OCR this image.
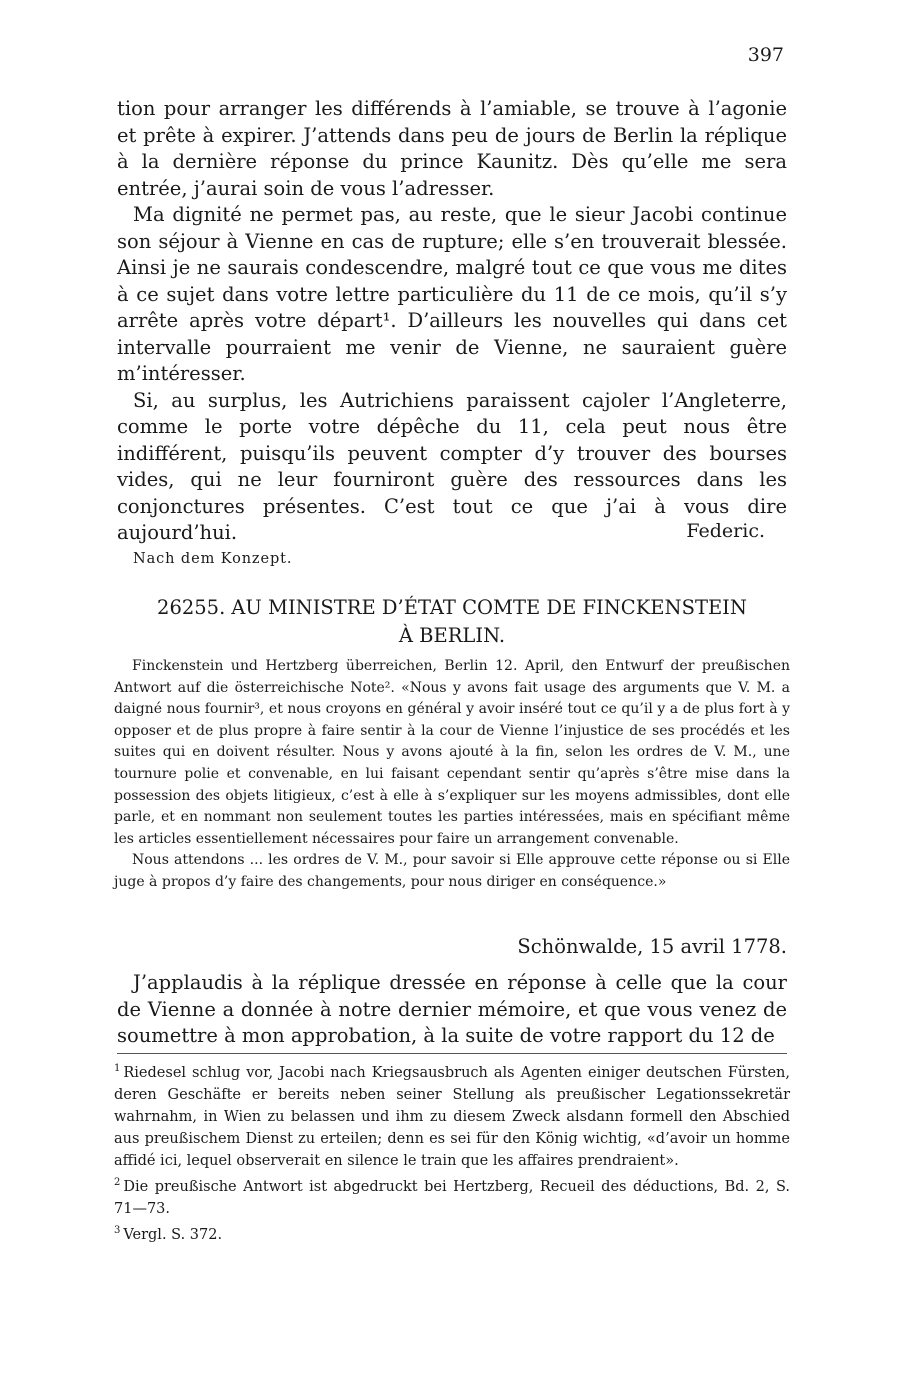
397

tion pour arranger les différends à l’amiable, se trouve à l’agonie et prête à expirer. J’attends dans peu de jours de Berlin la réplique à la dernière réponse du prince Kaunitz. Dès qu’elle me sera entrée, j’aurai soin de vous l’adresser.

Ma dignité ne permet pas, au reste, que le sieur Jacobi continue son séjour à Vienne en cas de rupture; elle s’en trouverait blessée. Ainsi je ne saurais condescendre, malgré tout ce que vous me dites à ce sujet dans votre lettre particulière du 11 de ce mois, qu’il s’y arrête après votre départ¹. D’ailleurs les nouvelles qui dans cet intervalle pourraient me venir de Vienne, ne sauraient guère m’intéresser.

Si, au surplus, les Autrichiens paraissent cajoler l’Angleterre, comme le porte votre dépêche du 11, cela peut nous être indifférent, puisqu’ils peuvent compter d’y trouver des bourses vides, qui ne leur fourniront guère des ressources dans les conjonctures présentes. C’est tout ce que j’ai à vous dire aujourd’hui.	Federic.
Nach dem Konzept.
26255. AU MINISTRE D’ÉTAT COMTE DE FINCKENSTEIN
À BERLIN.

Finckenstein und Hertzberg überreichen, Berlin 12. April, den Entwurf der preußischen Antwort auf die österreichische Note². «Nous y avons fait usage des arguments que V. M. a daigné nous fournir³, et nous croyons en général y avoir inséré tout ce qu’il y a de plus fort à y opposer et de plus propre à faire sentir à la cour de Vienne l’injustice de ses procédés et les suites qui en doivent résulter. Nous y avons ajouté à la fin, selon les ordres de V. M., une tournure polie et convenable, en lui faisant cependant sentir qu’après s’être mise dans la possession des objets litigieux, c’est à elle à s’expliquer sur les moyens admissibles, dont elle parle, et en nommant non seulement toutes les parties intéressées, mais en spécifiant même les articles essentiellement nécessaires pour faire un arrangement convenable.

Nous attendons ... les ordres de V. M., pour savoir si Elle approuve cette réponse ou si Elle juge à propos d’y faire des changements, pour nous diriger en conséquence.»

Schönwalde, 15 avril 1778.

J’applaudis à la réplique dressée en réponse à celle que la cour de Vienne a donnée à notre dernier mémoire, et que vous venez de soumettre à mon approbation, à la suite de votre rapport du 12 de

$^1$ Riedesel schlug vor, Jacobi nach Kriegsausbruch als Agenten einiger deutschen Fürsten, deren Geschäfte er bereits neben seiner Stellung als preußischer Legationssekretär wahrnahm, in Wien zu belassen und ihm zu diesem Zweck alsdann formell den Abschied aus preußischem Dienst zu erteilen; denn es sei für den König wichtig, «d’avoir un homme affidé ici, lequel observerait en silence le train que les affaires prendraient».

$^2$ Die preußische Antwort ist abgedruckt bei Hertzberg, Recueil des déductions, Bd. 2, S. 71—73.

$^3$ Vergl. S. 372.
